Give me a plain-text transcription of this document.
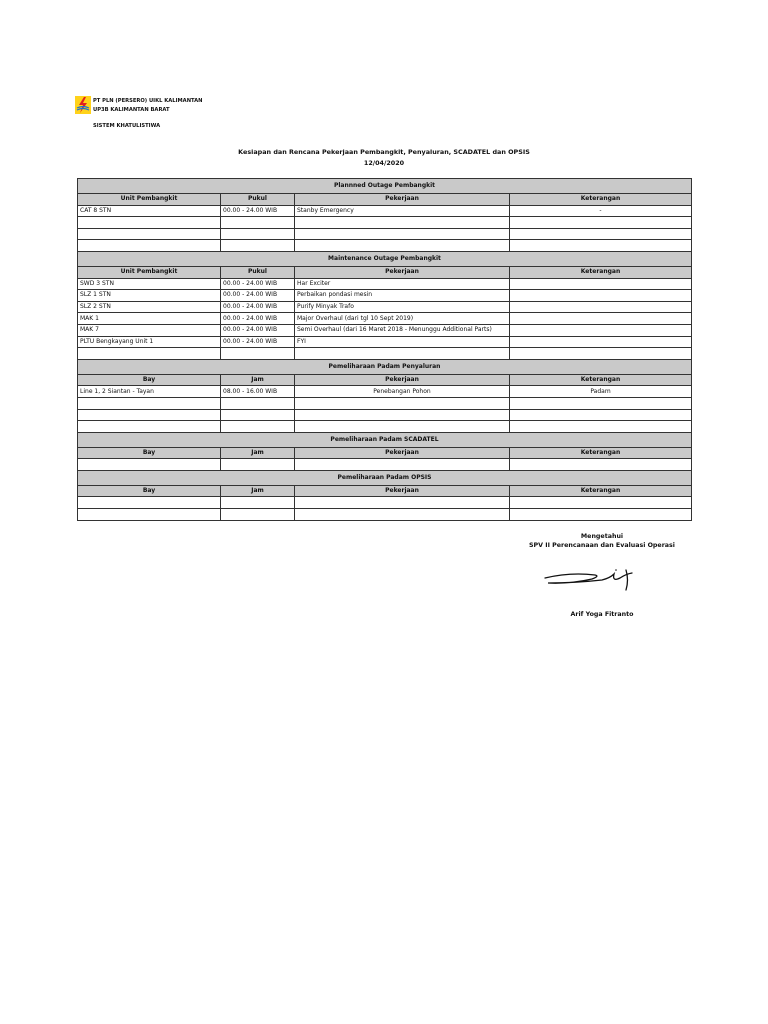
PT PLN (PERSERO) UIKL KALIMANTAN
UP3B KALIMANTAN BARAT
SISTEM KHATULISTIWA
Kesiapan dan Rencana Pekerjaan Pembangkit, Penyaluran, SCADATEL dan OPSIS
12/04/2020
Plannned Outage Pembangkit			
Unit Pembangkit	Pukul	Pekerjaan	Keterangan
CAT 8 STN	00.00 - 24.00 WIB	Stanby Emergency	-

Maintenance Outage Pembangkit			
Unit Pembangkit	Pukul	Pekerjaan	Keterangan
SWD 3 STN	00.00 - 24.00 WIB	Har Exciter	
SLZ 1 STN	00.00 - 24.00 WIB	Perbaikan pondasi mesin	
SLZ 2 STN	00.00 - 24.00 WIB	Purify Minyak Trafo	
MAK 1	00.00 - 24.00 WIB	Major Overhaul (dari tgl 10 Sept 2019)	
MAK 7	00.00 - 24.00 WIB	Semi Overhaul (dari 16 Maret 2018 - Menunggu Additional Parts)	
PLTU Bengkayang Unit 1	00.00 - 24.00 WIB	FYI	

Pemeliharaan Padam Penyaluran			
Bay	Jam	Pekerjaan	Keterangan
Line 1, 2 Siantan - Tayan	08.00 - 16.00 WIB	Penebangan Pohon	Padam

Pemeliharaan Padam SCADATEL			
Bay	Jam	Pekerjaan	Keterangan

Pemeliharaan Padam OPSIS			
Bay	Jam	Pekerjaan	Keterangan

Mengetahui
SPV II Perencanaan dan Evaluasi Operasi
Arif Yoga Fitranto
